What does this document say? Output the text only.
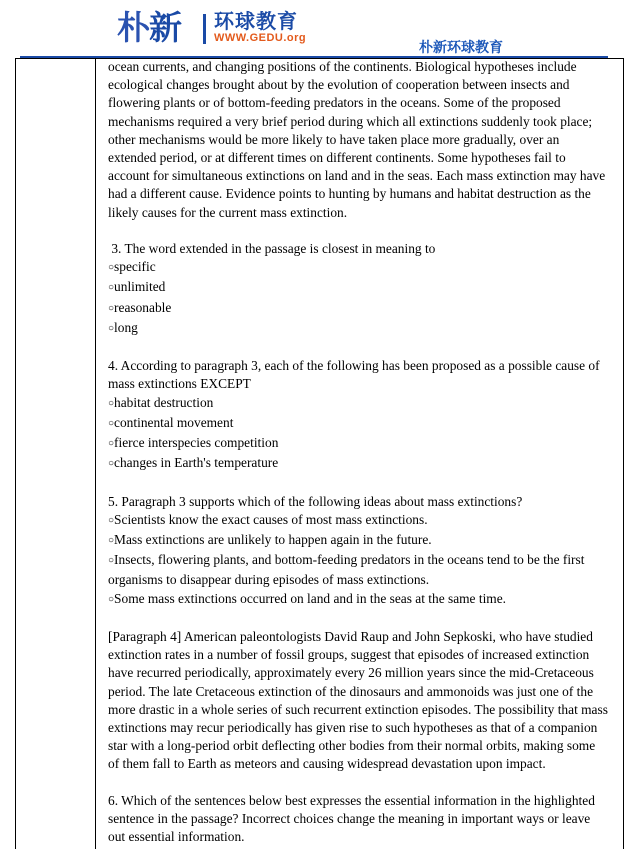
朴新 环球教育
WWW.GEDU.org
朴新环球教育

ocean currents, and changing positions of the continents. Biological hypotheses include ecological changes brought about by the evolution of cooperation between insects and flowering plants or of bottom-feeding predators in the oceans. Some of the proposed mechanisms required a very brief period during which all extinctions suddenly took place; other mechanisms would be more likely to have taken place more gradually, over an extended period, or at different times on different continents. Some hypotheses fail to account for simultaneous extinctions on land and in the seas. Each mass extinction may have had a different cause. Evidence points to hunting by humans and habitat destruction as the likely causes for the current mass extinction.

3. The word extended in the passage is closest in meaning to
○ specific
○ unlimited
○ reasonable
○ long
4. According to paragraph 3, each of the following has been proposed as a possible cause of mass extinctions EXCEPT
○ habitat destruction
○ continental movement
○ fierce interspecies competition
○ changes in Earth's temperature
5. Paragraph 3 supports which of the following ideas about mass extinctions?
○ Scientists know the exact causes of most mass extinctions.
○ Mass extinctions are unlikely to happen again in the future.
○ Insects, flowering plants, and bottom-feeding predators in the oceans tend to be the first organisms to disappear during episodes of mass extinctions.
○ Some mass extinctions occurred on land and in the seas at the same time.

[Paragraph 4] American paleontologists David Raup and John Sepkoski, who have studied extinction rates in a number of fossil groups, suggest that episodes of increased extinction have recurred periodically, approximately every 26 million years since the mid-Cretaceous period. The late Cretaceous extinction of the dinosaurs and ammonoids was just one of the more drastic in a whole series of such recurrent extinction episodes. The possibility that mass extinctions may recur periodically has given rise to such hypotheses as that of a companion star with a long-period orbit deflecting other bodies from their normal orbits, making some of them fall to Earth as meteors and causing widespread devastation upon impact.

6. Which of the sentences below best expresses the essential information in the highlighted sentence in the passage? Incorrect choices change the meaning in important ways or leave out essential information.
